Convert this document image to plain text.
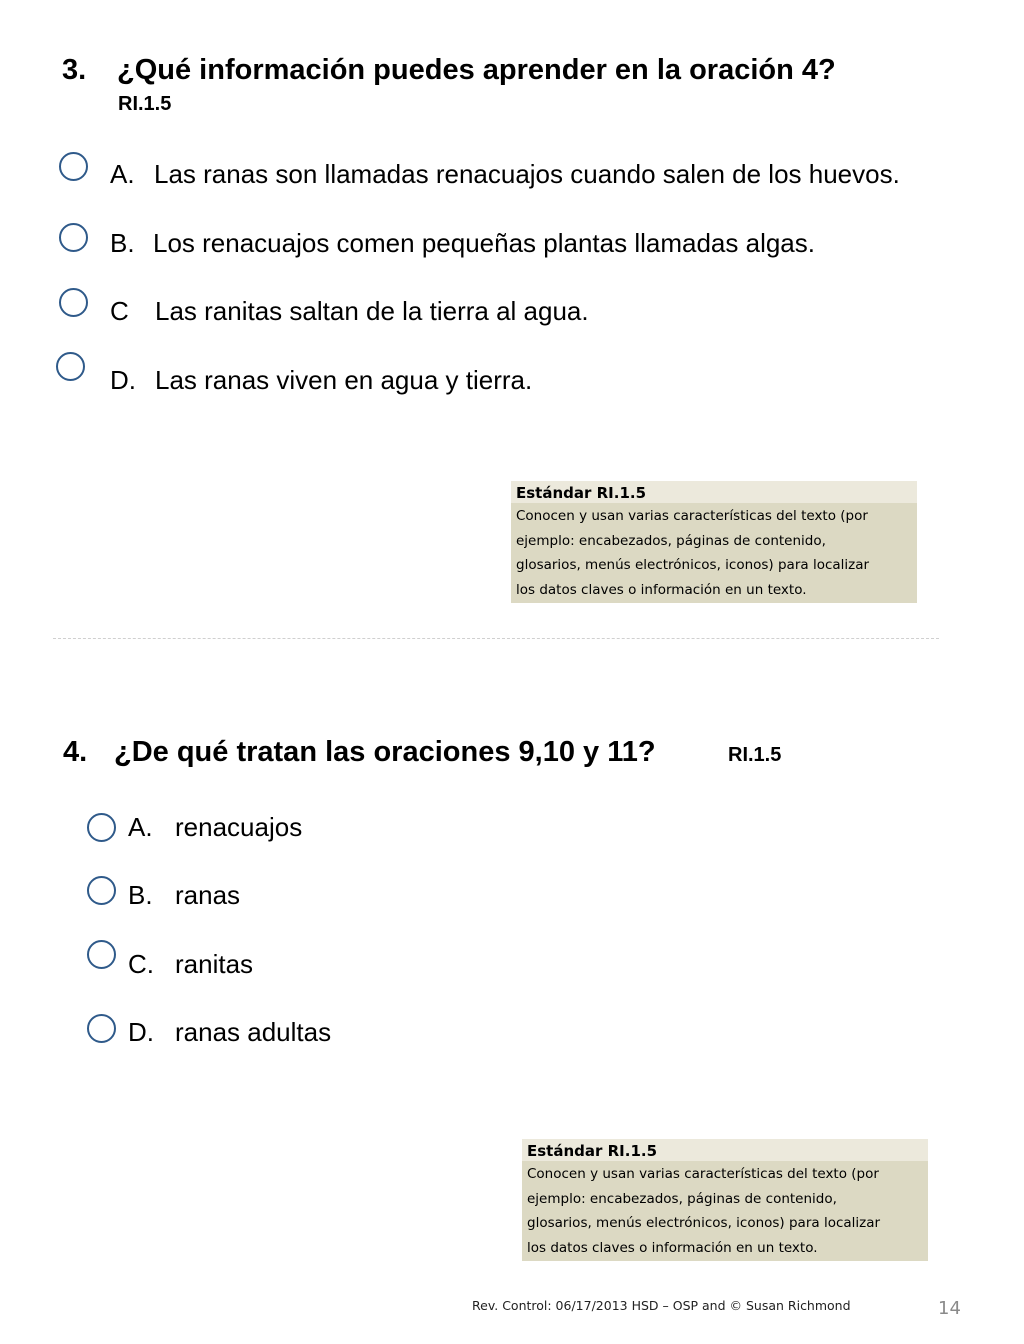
3. ¿Qué información puedes aprender en la oración 4?
RI.1.5
A. Las ranas son llamadas renacuajos cuando salen de los huevos.
B. Los renacuajos comen pequeñas plantas llamadas algas.
C Las ranitas saltan de la tierra al agua.
D. Las ranas viven en agua y tierra.
Estándar RI.1.5
Conocen y usan varias características del texto (por
ejemplo: encabezados, páginas de contenido,
glosarios, menús electrónicos, iconos) para localizar
los datos claves o información en un texto.
4. ¿De qué tratan las oraciones 9,10 y 11?	RI.1.5
A. renacuajos
B. ranas
C. ranitas
D. ranas adultas
Estándar RI.1.5
Conocen y usan varias características del texto (por
ejemplo: encabezados, páginas de contenido,
glosarios, menús electrónicos, iconos) para localizar
los datos claves o información en un texto.
Rev. Control: 06/17/2013 HSD – OSP and © Susan Richmond	14
